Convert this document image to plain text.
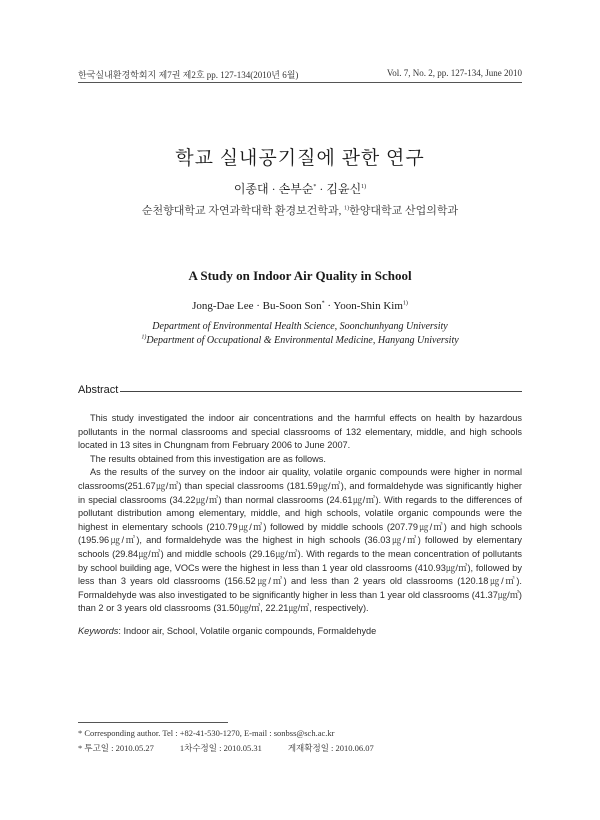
한국실내환경학회지 제7권 제2호 pp. 127-134(2010년 6월)	Vol. 7, No. 2, pp. 127-134, June 2010
학교 실내공기질에 관한 연구
이종대 · 손부순* · 김윤신$^{1)}$
순천향대학교 자연과학대학 환경보건학과, $^{1)}$한양대학교 산업의학과
A Study on Indoor Air Quality in School
Jong-Dae Lee · Bu-Soon Son* · Yoon-Shin Kim$^{1)}$
Department of Environmental Health Science, Soonchunhyang University
$^{1)}$Department of Occupational & Environmental Medicine, Hanyang University
Abstract

This study investigated the indoor air concentrations and the harmful effects on health by hazardous pollutants in the normal classrooms and special classrooms of 132 elementary, middle, and high schools located in 13 sites in Chungnam from February 2006 to June 2007.

The results obtained from this investigation are as follows.

As the results of the survey on the indoor air quality, volatile organic compounds were higher in normal classrooms(251.67㎍/㎥) than special classrooms (181.59㎍/㎥), and formaldehyde was significantly higher in special classrooms (34.22㎍/㎥) than normal classrooms (24.61㎍/㎥). With regards to the differences of pollutant distribution among elementary, middle, and high schools, volatile organic compounds were the highest in elementary schools (210.79㎍/㎥) followed by middle schools (207.79㎍/㎥) and high schools (195.96㎍/㎥), and formaldehyde was the highest in high schools (36.03㎍/㎥) followed by elementary schools (29.84㎍/㎥) and middle schools (29.16㎍/㎥). With regards to the mean concentration of pollutants by school building age, VOCs were the highest in less than 1 year old classrooms (410.93㎍/㎥), followed by less than 3 years old classrooms (156.52㎍/㎥) and less than 2 years old classrooms (120.18㎍/㎥). Formaldehyde was also investigated to be significantly higher in less than 1 year old classrooms (41.37㎍/㎥) than 2 or 3 years old classrooms (31.50㎍/㎥, 22.21㎍/㎥, respectively).

Keywords: Indoor air, School, Volatile organic compounds, Formaldehyde
* Corresponding author. Tel : +82-41-530-1270, E-mail : sonbss@sch.ac.kr
* 투고일 : 2010.05.27	1차수정일 : 2010.05.31	게재확정일 : 2010.06.07
